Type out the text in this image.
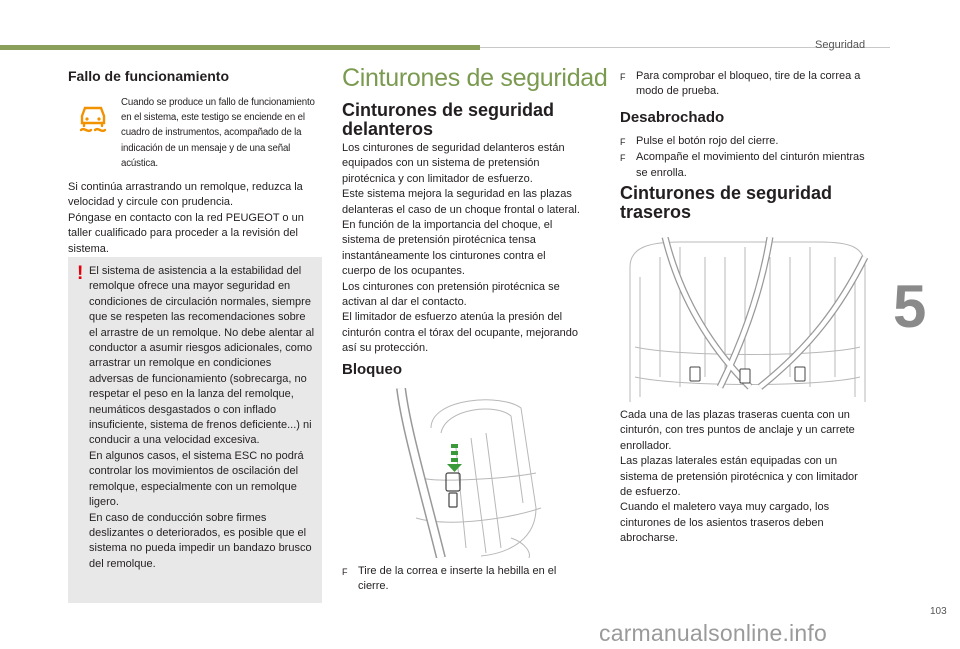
Seguridad
5
Fallo de funcionamiento

Cuando se produce un fallo de funcionamiento en el sistema, este testigo se enciende en el cuadro de instrumentos, acompañado de la indicación de un mensaje y de una señal acústica.

Si continúa arrastrando un remolque, reduzca la velocidad y circule con prudencia.
Póngase en contacto con la red PEUGEOT o un taller cualificado para proceder a la revisión del sistema.

! El sistema de asistencia a la estabilidad del remolque ofrece una mayor seguridad en condiciones de circulación normales, siempre que se respeten las recomendaciones sobre el arrastre de un remolque. No debe alentar al conductor a asumir riesgos adicionales, como arrastrar un remolque en condiciones adversas de funcionamiento (sobrecarga, no respetar el peso en la lanza del remolque, neumáticos desgastados o con inflado insuficiente, sistema de frenos deficiente...) ni conducir a una velocidad excesiva.
En algunos casos, el sistema ESC no podrá controlar los movimientos de oscilación del remolque, especialmente con un remolque ligero.
En caso de conducción sobre firmes deslizantes o deteriorados, es posible que el sistema no pueda impedir un bandazo brusco del remolque.

Cinturones de seguridad
Cinturones de seguridad delanteros

Los cinturones de seguridad delanteros están equipados con un sistema de pretensión pirotécnica y con limitador de esfuerzo.
Este sistema mejora la seguridad en las plazas delanteras el caso de un choque frontal o lateral. En función de la importancia del choque, el sistema de pretensión pirotécnica tensa instantáneamente los cinturones contra el cuerpo de los ocupantes.
Los cinturones con pretensión pirotécnica se activan al dar el contacto.
El limitador de esfuerzo atenúa la presión del cinturón contra el tórax del ocupante, mejorando así su protección.

Bloqueo
F Tire de la correa e inserte la hebilla en el cierre.
F Para comprobar el bloqueo, tire de la correa a modo de prueba.
Desabrochado
F Pulse el botón rojo del cierre.
F Acompañe el movimiento del cinturón mientras se enrolla.
Cinturones de seguridad traseros

Cada una de las plazas traseras cuenta con un cinturón, con tres puntos de anclaje y un carrete enrollador.
Las plazas laterales están equipadas con un sistema de pretensión pirotécnica y con limitador de esfuerzo.
Cuando el maletero vaya muy cargado, los cinturones de los asientos traseros deben abrocharse.

103
carmanualsonline.info
